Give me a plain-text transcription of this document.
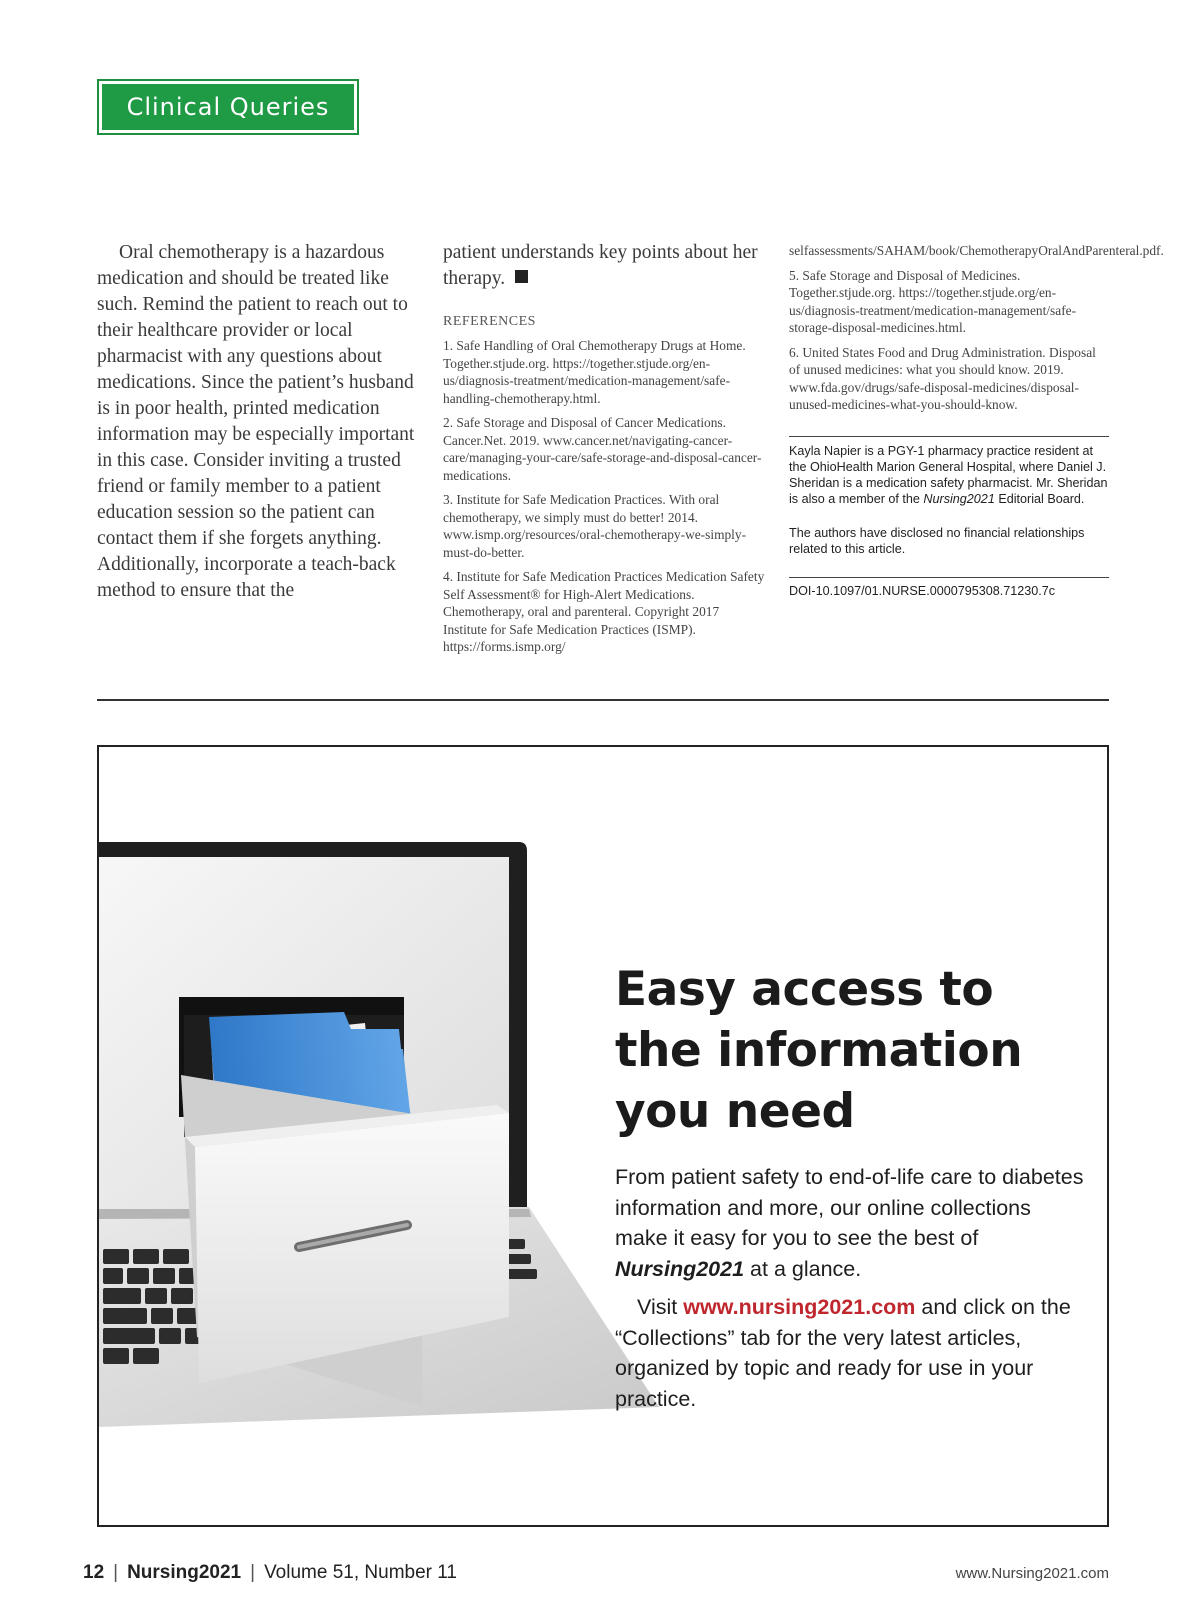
Clinical Queries

Oral chemotherapy is a hazardous medication and should be treated like such. Remind the patient to reach out to their healthcare provider or local pharmacist with any questions about medications. Since the patient’s husband is in poor health, printed medication information may be especially important in this case. Consider inviting a trusted friend or family member to a patient education session so the patient can contact them if she forgets anything. Additionally, incorporate a teach-back method to ensure that the

patient understands key points about her therapy.
REFERENCES
1. Safe Handling of Oral Chemotherapy Drugs at Home. Together.stjude.org. https://together.stjude.org/en-us/diagnosis-treatment/medication-management/safe-handling-chemotherapy.html.
2. Safe Storage and Disposal of Cancer Medications. Cancer.Net. 2019. www.cancer.net/navigating-cancer-care/managing-your-care/safe-storage-and-disposal-cancer-medications.
3. Institute for Safe Medication Practices. With oral chemotherapy, we simply must do better! 2014. www.ismp.org/resources/oral-chemotherapy-we-simply-must-do-better.
4. Institute for Safe Medication Practices Medication Safety Self Assessment® for High-Alert Medications. Chemotherapy, oral and parenteral. Copyright 2017 Institute for Safe Medication Practices (ISMP). https://forms.ismp.org/
selfassessments/SAHAM/book/ChemotherapyOralAndParenteral.pdf.
5. Safe Storage and Disposal of Medicines. Together.stjude.org. https://together.stjude.org/en-us/diagnosis-treatment/medication-management/safe-storage-disposal-medicines.html.
6. United States Food and Drug Administration. Disposal of unused medicines: what you should know. 2019. www.fda.gov/drugs/safe-disposal-medicines/disposal-unused-medicines-what-you-should-know.
Kayla Napier is a PGY-1 pharmacy practice resident at the OhioHealth Marion General Hospital, where Daniel J. Sheridan is a medication safety pharmacist. Mr. Sheridan is also a member of the Nursing2021 Editorial Board.
The authors have disclosed no financial relationships related to this article.
DOI-10.1097/01.NURSE.0000795308.71230.7c
Easy access to
the information
you need

From patient safety to end-of-life care to diabetes information and more, our online collections make it easy for you to see the best of Nursing2021 at a glance.

Visit www.nursing2021.com and click on the “Collections” tab for the very latest articles, organized by topic and ready for use in your practice.

12 | Nursing2021 | Volume 51, Number 11	www.Nursing2021.com
